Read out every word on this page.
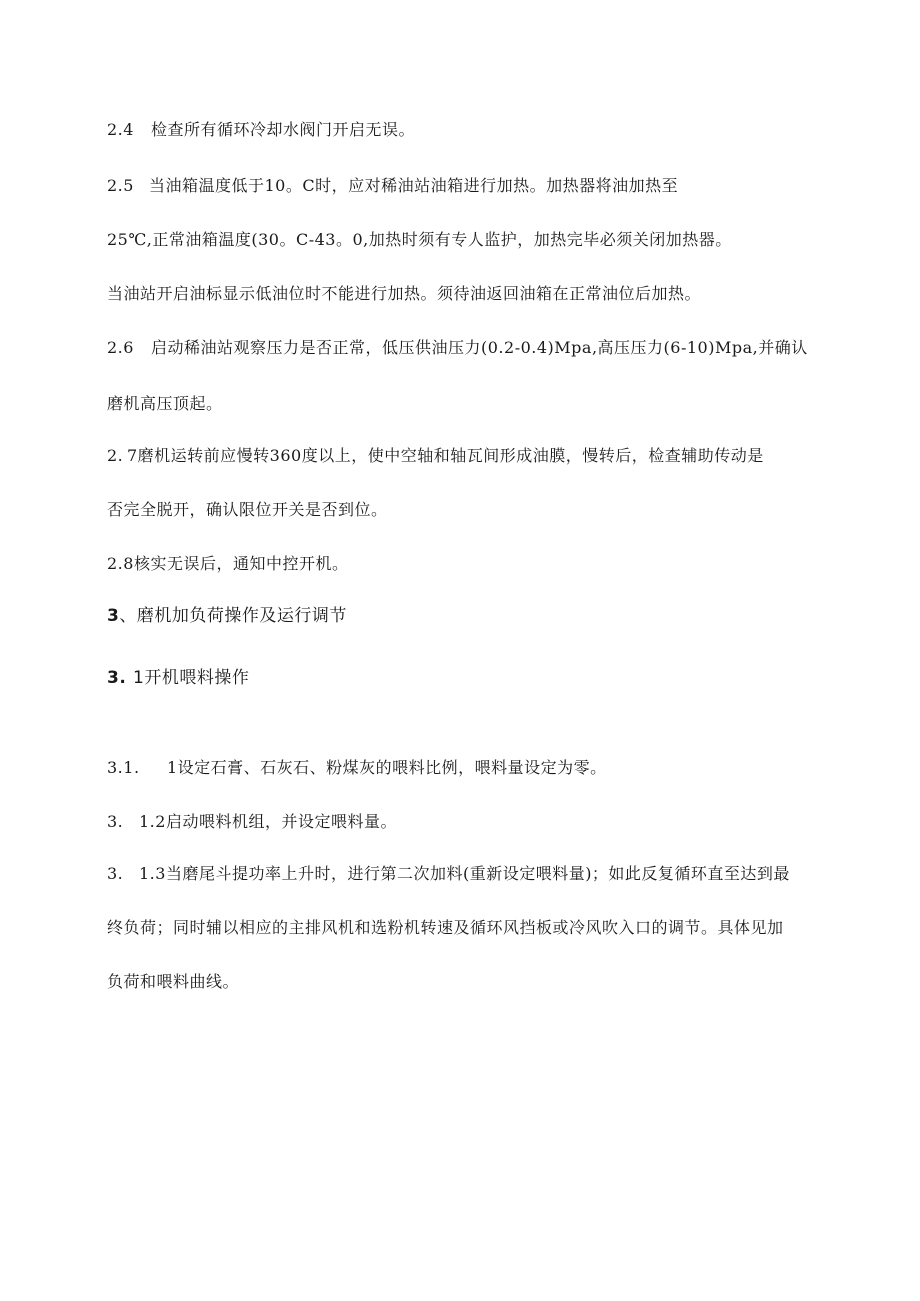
2.4 检查所有循环冷却水阀门开启无误。

2.5 当油箱温度低于10。C时，应对稀油站油箱进行加热。加热器将油加热至

25℃,正常油箱温度(30。C-43。0,加热时须有专人监护，加热完毕必须关闭加热器。

当油站开启油标显示低油位时不能进行加热。须待油返回油箱在正常油位后加热。

2.6 启动稀油站观察压力是否正常，低压供油压力(0.2-0.4)Mpa,高压压力(6-10)Mpa,并确认

磨机高压顶起。

2. 7磨机运转前应慢转360度以上，使中空轴和轴瓦间形成油膜，慢转后，检查辅助传动是

否完全脱开，确认限位开关是否到位。

2.8核实无误后，通知中控开机。

3、磨机加负荷操作及运行调节

3. 1开机喂料操作

3.1. 1设定石膏、石灰石、粉煤灰的喂料比例，喂料量设定为零。

3. 1.2启动喂料机组，并设定喂料量。

3. 1.3当磨尾斗提功率上升时，进行第二次加料(重新设定喂料量)；如此反复循环直至达到最

终负荷；同时辅以相应的主排风机和选粉机转速及循环风挡板或冷风吹入口的调节。具体见加

负荷和喂料曲线。
